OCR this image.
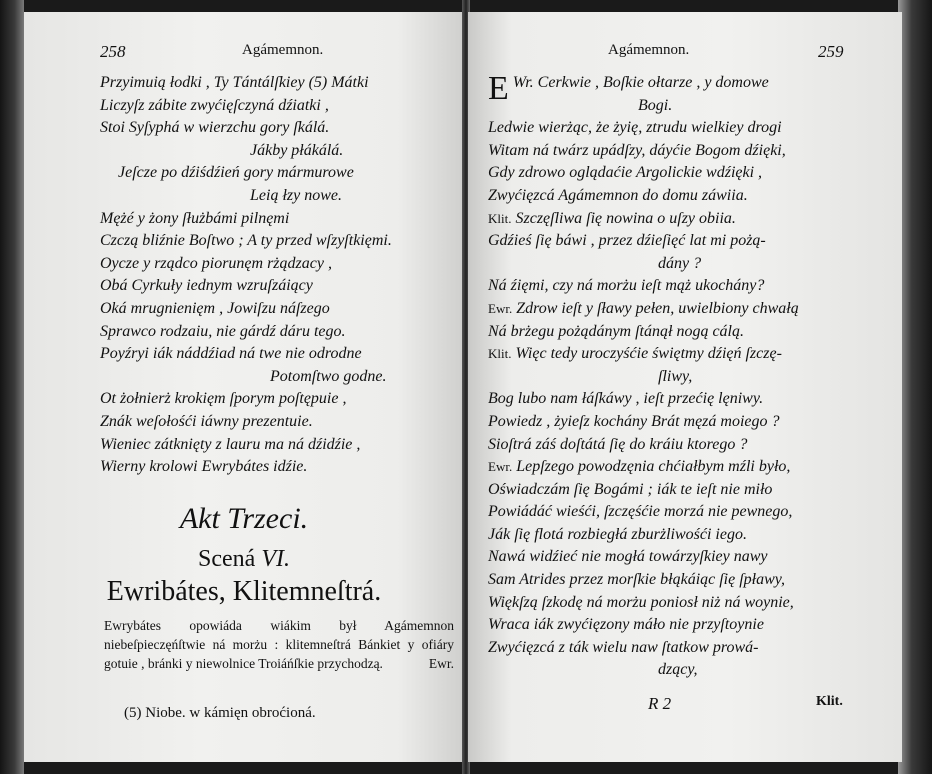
258	Agámemnon.
Przyimuią łodki , Ty Tántálſkiey (5) Mátki
Liczyſz zábite zwyćięſczyná dźiatki ,
Stoi Syſyphá w wierzchu gory ſkálá.
Jákby płákálá.
Jeſcze po dźiśdźień gory mármurowe
Leią łzy nowe.
Mężé y żony ſłużbámi pilnęmi
Czczą bliźnie Boſtwo ; A ty przed wſzyſtkięmi.
Oycze y rządco piorunęm rżądzacy ,
Obá Cyrkuły iednym wzruſzáiący
Oká mrugnienięm , Jowiſzu náſzego
Sprawco rodzaiu, nie gárdź dáru tego.
Poyźryi iák náddźiad ná twe nie odrodne
Potomſtwo godne.
Ot żołnierż krokięm ſporym poſtępuie ,
Znák weſołośći iáwny prezentuie.
Wieniec zátknięty z lauru ma ná dźidźie ,
Wierny krolowi Ewrybátes idźie.
Akt Trzeci.
Scená VI.
Ewribátes, Klitemneſtrá.
Ewrybátes opowiáda wiákim był Agámemnon niebeſpieczęńſtwie ná morżu : klitemneſtrá Bánkiet y ofiáry gotuie , bránki y niewolnice Troiáńſkie przychodzą.	Ewr.
(5) Niobe. w kámięn obroćioná.
Agámemnon.	259
E Wr. Cerkwie , Boſkie ołtarze , y domowe
Bogi.
Ledwie wierżąc, że żyię, ztrudu wielkiey drogi
Witam ná twárz upádſzy, dáyćie Bogom dźięki,
Gdy zdrowo oglądaćie Argolickie wdźięki ,
Zwyćięzcá Agámemnon do domu záwiia.
Klit. Szczęſliwa ſię nowina o uſzy obiia.
Gdźieś ſię báwi , przez dźieſięć lat mi pożą-
dány ?
Ná źięmi, czy ná morżu ieſt mąż ukochány?
Ewr. Zdrow ieſt y ſławy pełen, uwielbiony chwałą
Ná brżegu pożądánym ſtánął nogą cálą.
Klit. Więc tedy uroczyśćie świętmy dźięń ſzczę-
ſliwy,
Bog lubo nam łáſkáwy , ieſt przećię lęniwy.
Powiedz , żyieſz kochány Brát męzá moiego ?
Sioſtrá záś doſtátá ſię do kráiu ktorego ?
Ewr. Lepſzego powodzęnia chćiałbym mźli było,
Oświadczám ſię Bogámi ; iák te ieſt nie miło
Powiádáć wieśći, ſzczęśćie morzá nie pewnego,
Ják ſię flotá rozbiegłá zburżliwośći iego.
Nawá widźieć nie mogłá towárzyſkiey nawy
Sam Atrides przez morſkie błąkáiąc ſię ſpławy,
Więkſzą ſzkodę ná morżu poniosł niż ná woynie,
Wraca iák zwyćięzony máło nie przyſtoynie
Zwyćięzcá z ták wielu naw ſtatkow prowá-
dzący,
R 2	Klit.
